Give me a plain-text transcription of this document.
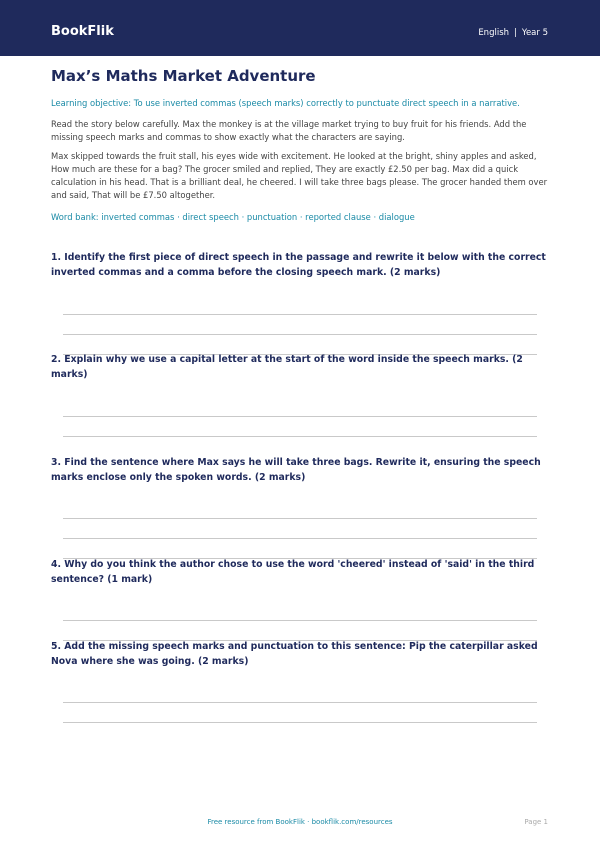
BookFlik	English | Year 5
Max’s Maths Market Adventure
Learning objective: To use inverted commas (speech marks) correctly to punctuate direct speech in a narrative.
Read the story below carefully. Max the monkey is at the village market trying to buy fruit for his friends. Add the missing speech marks and commas to show exactly what the characters are saying.
Max skipped towards the fruit stall, his eyes wide with excitement. He looked at the bright, shiny apples and asked, How much are these for a bag? The grocer smiled and replied, They are exactly £2.50 per bag. Max did a quick calculation in his head. That is a brilliant deal, he cheered. I will take three bags please. The grocer handed them over and said, That will be £7.50 altogether.
Word bank: inverted commas · direct speech · punctuation · reported clause · dialogue
1. Identify the first piece of direct speech in the passage and rewrite it below with the correct inverted commas and a comma before the closing speech mark. (2 marks)
2. Explain why we use a capital letter at the start of the word inside the speech marks. (2 marks)
3. Find the sentence where Max says he will take three bags. Rewrite it, ensuring the speech marks enclose only the spoken words. (2 marks)
4. Why do you think the author chose to use the word 'cheered' instead of 'said' in the third sentence? (1 mark)
5. Add the missing speech marks and punctuation to this sentence: Pip the caterpillar asked Nova where she was going. (2 marks)
Free resource from BookFlik · bookflik.com/resources	Page 1
